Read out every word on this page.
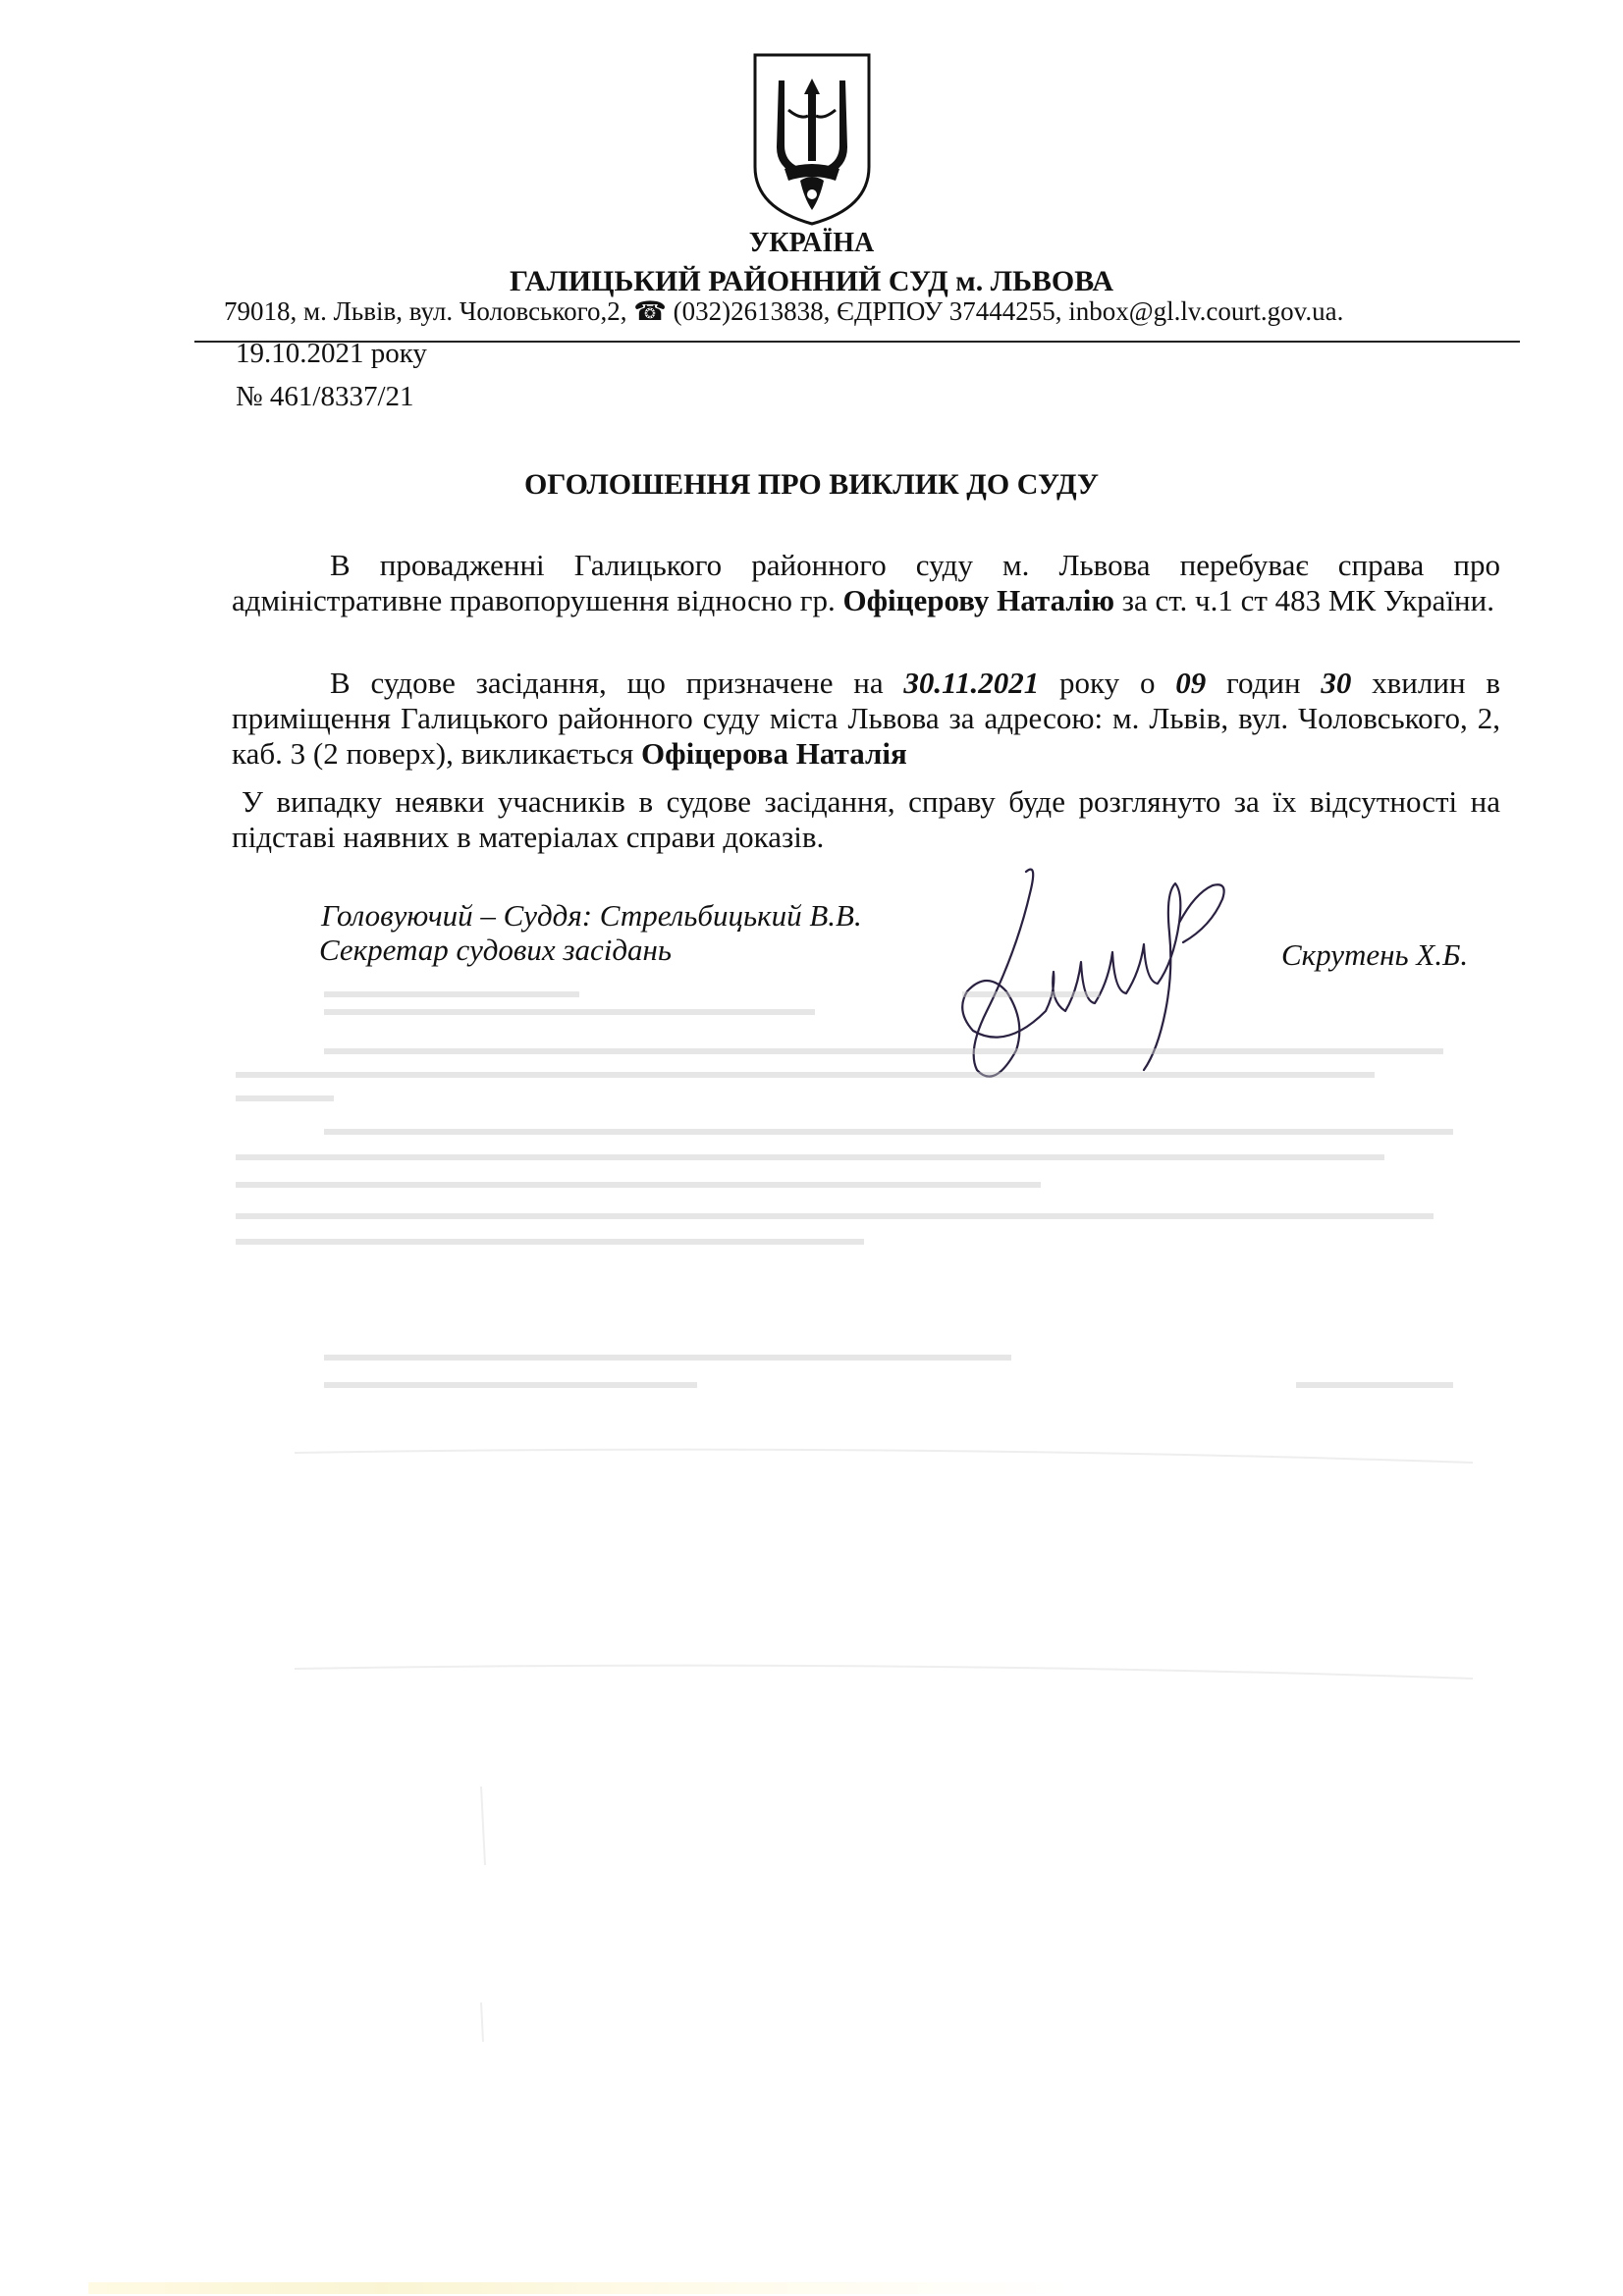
УКРАЇНА
ГАЛИЦЬКИЙ РАЙОННИЙ СУД м. ЛЬВОВА
79018, м. Львів, вул. Чоловського,2, ☎ (032)2613838, ЄДРПОУ 37444255, inbox@gl.lv.court.gov.ua.
19.10.2021 року
№ 461/8337/21
ОГОЛОШЕННЯ ПРО ВИКЛИК ДО СУДУ
В провадженні Галицького районного суду м. Львова перебуває справа про адміністративне правопорушення відносно гр. Офіцерову Наталію за ст. ч.1 ст 483 МК України.
В судове засідання, що призначене на 30.11.2021 року о 09 годин 30 хвилин в приміщення Галицького районного суду міста Львова за адресою: м. Львів, вул. Чоловського, 2, каб. 3 (2 поверх), викликається Офіцерова Наталія
У випадку неявки учасників в судове засідання, справу буде розглянуто за їх відсутності на підставі наявних в матеріалах справи доказів.
Головуючий – Суддя: Стрельбицький В.В.
Секретар судових засідань	Скрутень Х.Б.
